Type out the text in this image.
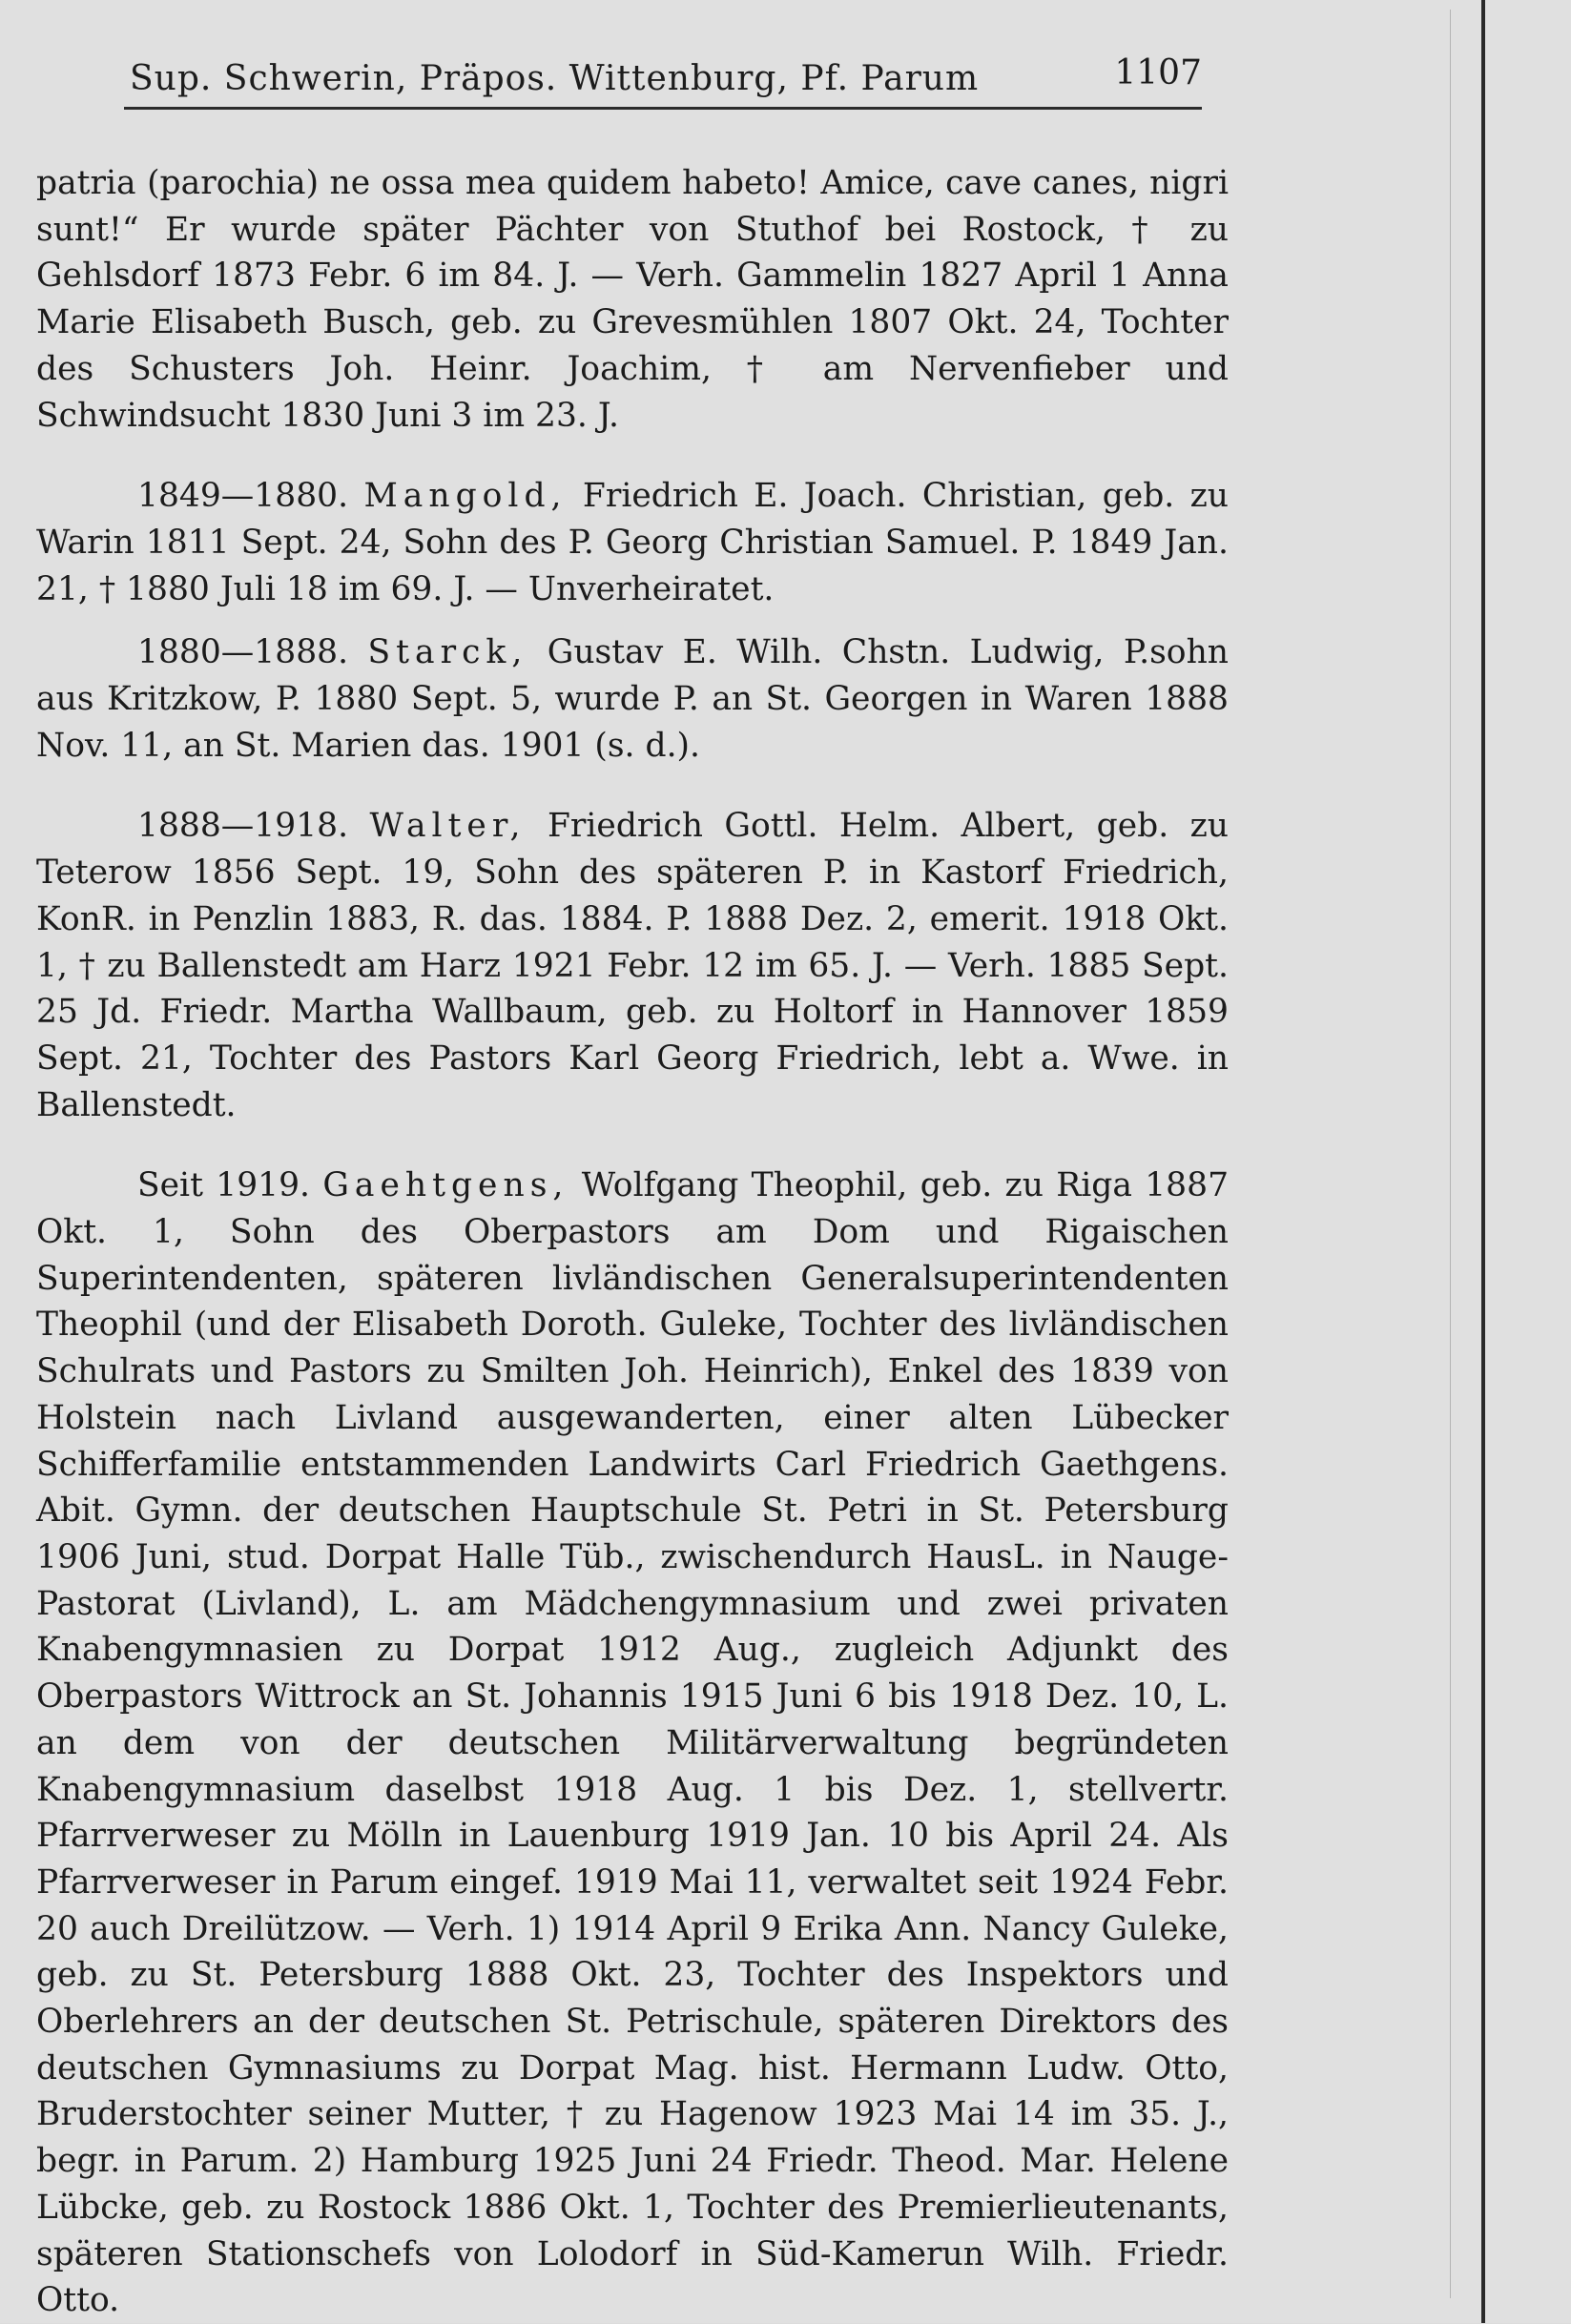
Sup. Schwerin, Präpos. Wittenburg, Pf. Parum	1107

patria (parochia) ne ossa mea quidem habeto! Amice, cave canes, nigri sunt!“ Er wurde später Pächter von Stuthof bei Rostock, † zu Gehlsdorf 1873 Febr. 6 im 84. J. — Verh. Gammelin 1827 April 1 Anna Marie Elisabeth Busch, geb. zu Grevesmühlen 1807 Okt. 24, Tochter des Schusters Joh. Heinr. Joachim, † am Nervenfieber und Schwindsucht 1830 Juni 3 im 23. J.

1849—1880. Mangold, Friedrich E. Joach. Christian, geb. zu Warin 1811 Sept. 24, Sohn des P. Georg Christian Samuel. P. 1849 Jan. 21, † 1880 Juli 18 im 69. J. — Unverheiratet.

1880—1888. Starck, Gustav E. Wilh. Chstn. Ludwig, P.sohn aus Kritzkow, P. 1880 Sept. 5, wurde P. an St. Georgen in Waren 1888 Nov. 11, an St. Marien das. 1901 (s. d.).

1888—1918. Walter, Friedrich Gottl. Helm. Albert, geb. zu Teterow 1856 Sept. 19, Sohn des späteren P. in Kastorf Friedrich, KonR. in Penzlin 1883, R. das. 1884. P. 1888 Dez. 2, emerit. 1918 Okt. 1, † zu Ballenstedt am Harz 1921 Febr. 12 im 65. J. — Verh. 1885 Sept. 25 Jd. Friedr. Martha Wallbaum, geb. zu Holtorf in Hannover 1859 Sept. 21, Tochter des Pastors Karl Georg Friedrich, lebt a. Wwe. in Ballenstedt.

Seit 1919. Gaehtgens, Wolfgang Theophil, geb. zu Riga 1887 Okt. 1, Sohn des Oberpastors am Dom und Rigaischen Superintendenten, späteren livländischen Generalsuperintendenten Theophil (und der Elisabeth Doroth. Guleke, Tochter des livländischen Schulrats und Pastors zu Smilten Joh. Heinrich), Enkel des 1839 von Holstein nach Livland ausgewanderten, einer alten Lübecker Schifferfamilie entstammenden Landwirts Carl Friedrich Gaethgens. Abit. Gymn. der deutschen Hauptschule St. Petri in St. Petersburg 1906 Juni, stud. Dorpat Halle Tüb., zwischendurch HausL. in Nauge-Pastorat (Livland), L. am Mädchengymnasium und zwei privaten Knabengymnasien zu Dorpat 1912 Aug., zugleich Adjunkt des Oberpastors Wittrock an St. Johannis 1915 Juni 6 bis 1918 Dez. 10, L. an dem von der deutschen Militärverwaltung begründeten Knabengymnasium daselbst 1918 Aug. 1 bis Dez. 1, stellvertr. Pfarrverweser zu Mölln in Lauenburg 1919 Jan. 10 bis April 24. Als Pfarrverweser in Parum eingef. 1919 Mai 11, verwaltet seit 1924 Febr. 20 auch Dreilützow. — Verh. 1) 1914 April 9 Erika Ann. Nancy Guleke, geb. zu St. Petersburg 1888 Okt. 23, Tochter des Inspektors und Oberlehrers an der deutschen St. Petrischule, späteren Direktors des deutschen Gymnasiums zu Dorpat Mag. hist. Hermann Ludw. Otto, Bruderstochter seiner Mutter, † zu Hagenow 1923 Mai 14 im 35. J., begr. in Parum. 2) Hamburg 1925 Juni 24 Friedr. Theod. Mar. Helene Lübcke, geb. zu Rostock 1886 Okt. 1, Tochter des Premierlieutenants, späteren Stationschefs von Lolodorf in Süd-Kamerun Wilh. Friedr. Otto.
